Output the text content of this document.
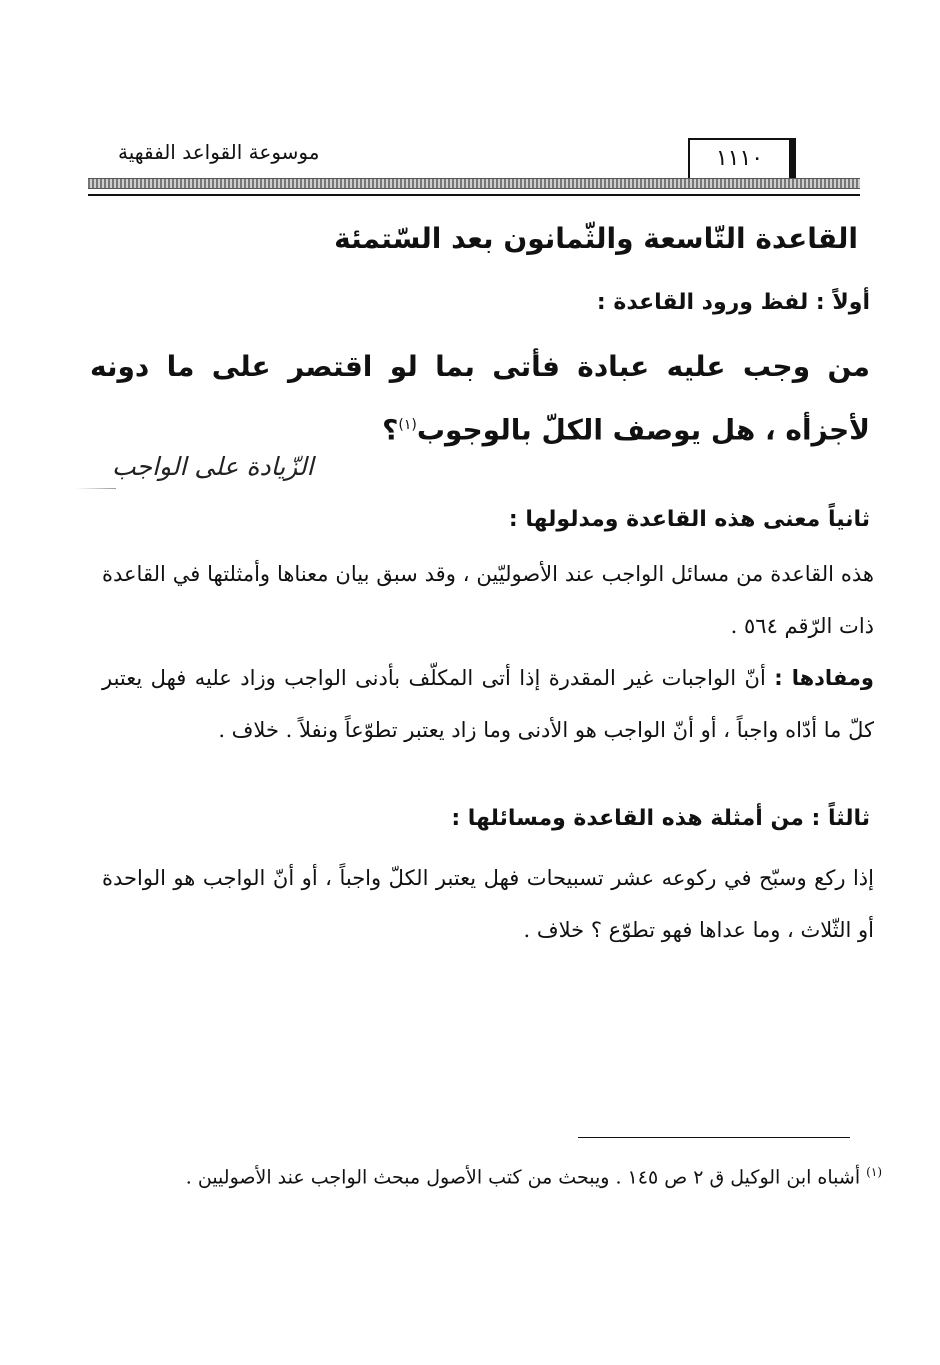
١١١٠
موسوعة القواعد الفقهية
القاعدة التّاسعة والثّمانون بعد السّتمئة
أولاً : لفظ ورود القاعدة :
من وجب عليه عبادة فأتى بما لو اقتصر على ما دونه لأجزأه ، هل يوصف الكلّ بالوجوب$^{(١)}$؟
الزّيادة على الواجب
ثانياً معنى هذه القاعدة ومدلولها :
هذه القاعدة من مسائل الواجب عند الأصوليّين ، وقد سبق بيان معناها وأمثلتها في القاعدة ذات الرّقم ٥٦٤ .
ومفادها : أنّ الواجبات غير المقدرة إذا أتى المكلّف بأدنى الواجب وزاد عليه فهل يعتبر كلّ ما أدّاه واجباً ، أو أنّ الواجب هو الأدنى وما زاد يعتبر تطوّعاً ونفلاً . خلاف .
ثالثاً : من أمثلة هذه القاعدة ومسائلها :
إذا ركع وسبّح في ركوعه عشر تسبيحات فهل يعتبر الكلّ واجباً ، أو أنّ الواجب هو الواحدة أو الثّلاث ، وما عداها فهو تطوّع ؟ خلاف .
$^{(١)}$ أشباه ابن الوكيل ق ٢ ص ١٤٥ . ويبحث من كتب الأصول مبحث الواجب عند الأصوليين .
